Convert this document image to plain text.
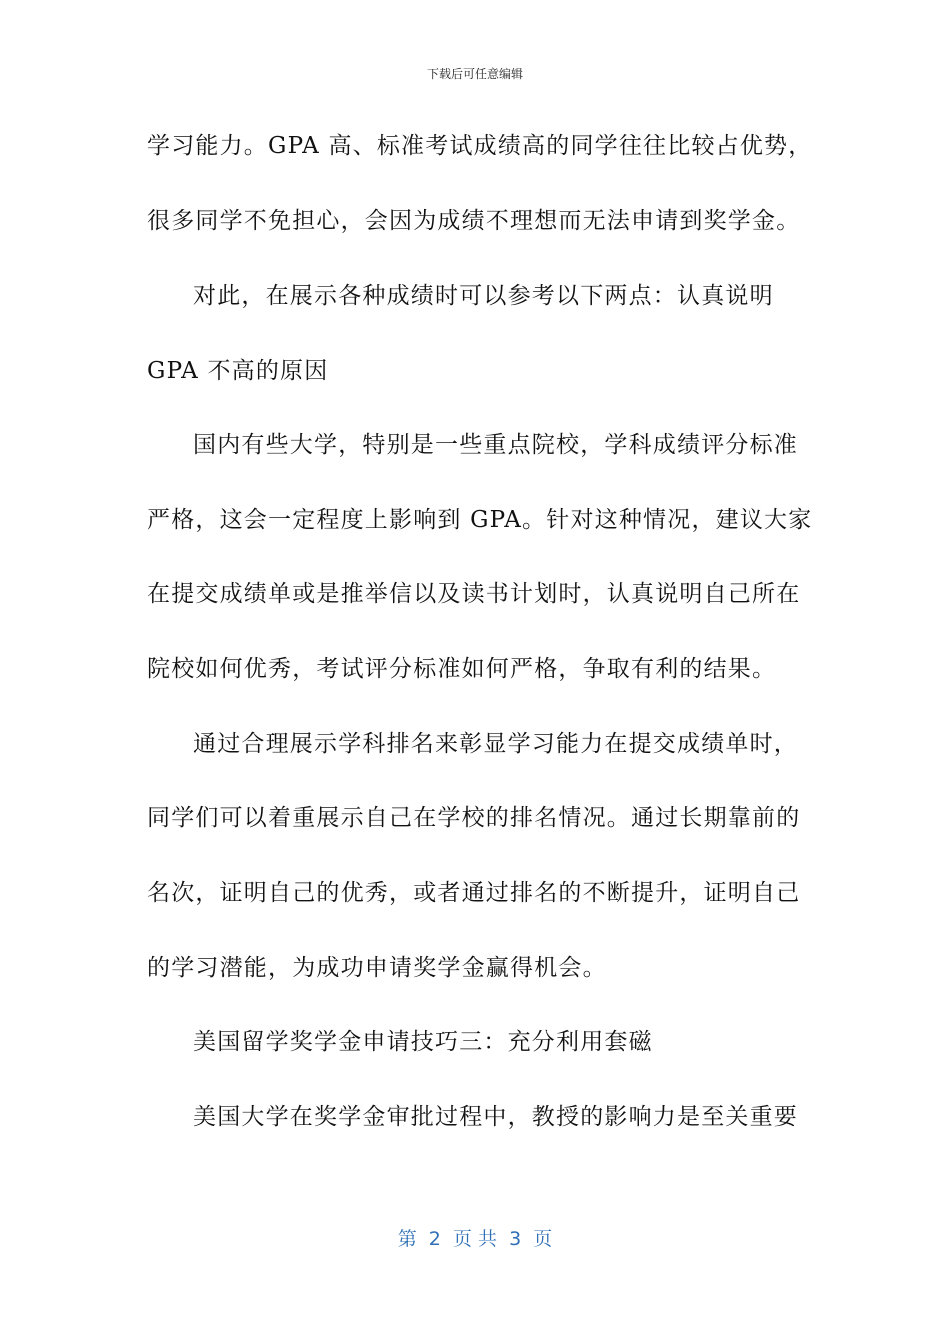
下载后可任意编辑
学习能力。GPA 高、标准考试成绩高的同学往往比较占优势，
很多同学不免担心，会因为成绩不理想而无法申请到奖学金。
对此，在展示各种成绩时可以参考以下两点：认真说明
GPA 不高的原因
国内有些大学，特别是一些重点院校，学科成绩评分标准
严格，这会一定程度上影响到 GPA。针对这种情况，建议大家
在提交成绩单或是推举信以及读书计划时，认真说明自己所在
院校如何优秀，考试评分标准如何严格，争取有利的结果。
通过合理展示学科排名来彰显学习能力在提交成绩单时，
同学们可以着重展示自己在学校的排名情况。通过长期靠前的
名次，证明自己的优秀，或者通过排名的不断提升，证明自己
的学习潜能，为成功申请奖学金赢得机会。
美国留学奖学金申请技巧三：充分利用套磁
美国大学在奖学金审批过程中，教授的影响力是至关重要
第  2  页 共  3  页
